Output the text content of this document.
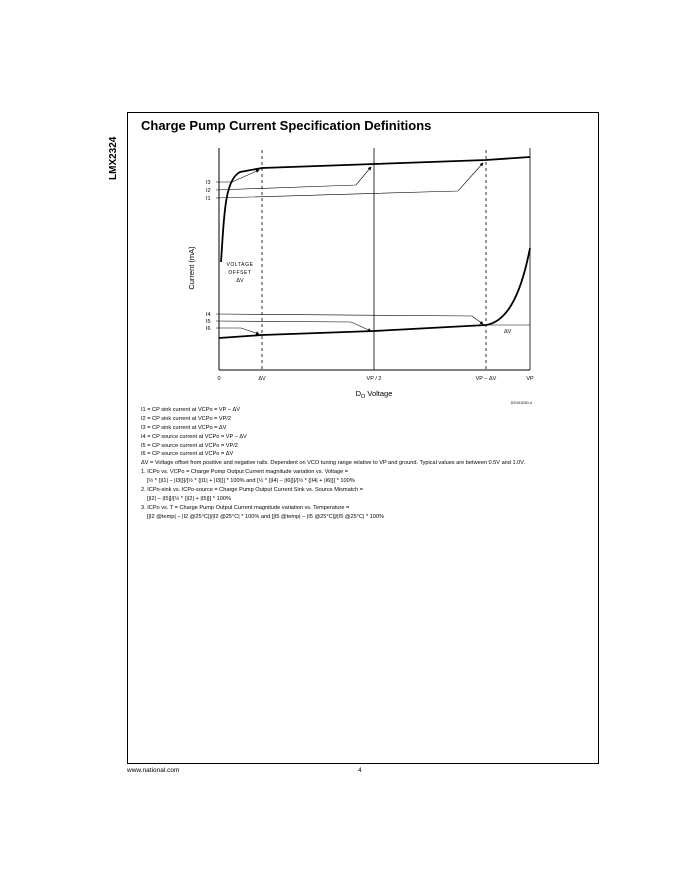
LMX2324
Charge Pump Current Specification Definitions
I3
I2
I1
I4
I5
I6
Current (mA)	VOLTAGE
OFFSET
ΔV
ΔV
0	ΔV	VP / 2	VP – ΔV	VP
$D_O$ Voltage
DS101030-4
I1 = CP sink current at VCPo = VP – ΔV
I2 = CP sink current at VCPo = VP/2
I3 = CP sink current at VCPo = ΔV
I4 = CP source current at VCPo = VP – ΔV
I5 = CP source current at VCPo = VP/2
I6 = CP source current at VCPo = ΔV
ΔV = Voltage offset from positive and negative rails. Dependent on VCO tuning range relative to VP and ground. Typical values are between 0.5V and 1.0V.
1. ICPo vs. VCPo = Charge Pump Output Current magnitude variation vs. Voltage =
[½ * {|I1| – |I3|}]/[½ * {|I1| + |I3|}] * 100% and [½ * {|I4| – |I6|}]/[½ * {|I4| + |I6|}] * 100%
2. ICPo-sink vs. ICPo-source = Charge Pump Output Current Sink vs. Source Mismatch =
[|I2| – |I5|]/[½ * {|I2| + |I5|}] * 100%
3. ICPo vs. T = Charge Pump Output Current magnitude variation vs. Temperature =
[|I2 @temp| – |I2 @25°C|]/|I2 @25°C| * 100% and [|I5 @temp| – |I5 @25°C|]/|I5 @25°C| * 100%
www.national.com	4
